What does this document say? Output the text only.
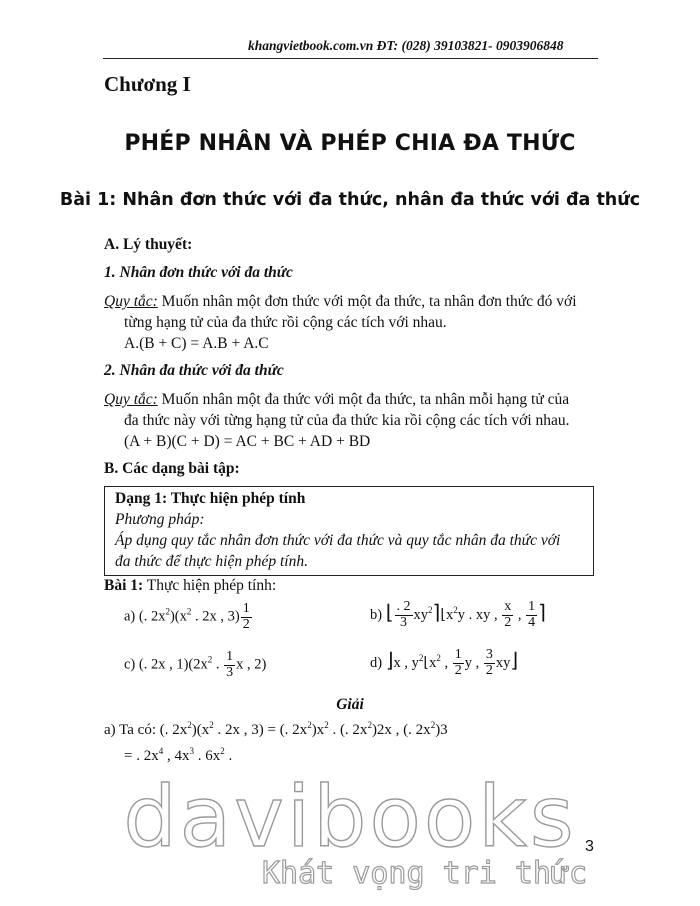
khangvietbook.com.vn ĐT: (028) 39103821- 0903906848
Chương I
PHÉP NHÂN VÀ PHÉP CHIA ĐA THỨC
Bài 1: Nhân đơn thức với đa thức, nhân đa thức với đa thức
A. Lý thuyết:
1. Nhân đơn thức với đa thức
Quy tắc: Muốn nhân một đơn thức với một đa thức, ta nhân đơn thức đó với
từng hạng tử của đa thức rồi cộng các tích với nhau.
A.(B + C) = A.B + A.C
2. Nhân đa thức với đa thức
Quy tắc: Muốn nhân một đa thức với một đa thức, ta nhân mỗi hạng tử của
đa thức này với từng hạng tử của đa thức kia rồi cộng các tích với nhau.
(A + B)(C + D) = AC + BC + AD + BD
B. Các dạng bài tập:
Dạng 1: Thực hiện phép tính
Phương pháp:
Áp dụng quy tắc nhân đơn thức với đa thức và quy tắc nhân đa thức với
đa thức để thực hiện phép tính.
Bài 1: Thực hiện phép tính:
a) (. $2x^2)(x^2$ . 2x , $3) \frac{1}{2}$	b) ⌊ $\frac{. 2}{3}$ $xy^2⌉⌊x^2y$ . xy , $\frac{x}{2}$ , $\frac{1}{4}$ ⌉
c) (. 2x , $1)(2x^2$ . $\frac{1}{3}$ x , 2)	d) ⌋x , $y^2⌊x^2$ , $\frac{1}{2}$ y , $\frac{3}{2}$ xy⌋
Giải
a) Ta có: (. $2x^2)(x^2$ . 2x , 3) = (. $2x^2)x^2$ . (. $2x^2)2x$ , (. $2x^2)3$
= . $2x^4$ , $4x^3$ . $6x^2$ .
davibooks
Khát vọng tri thức
3
